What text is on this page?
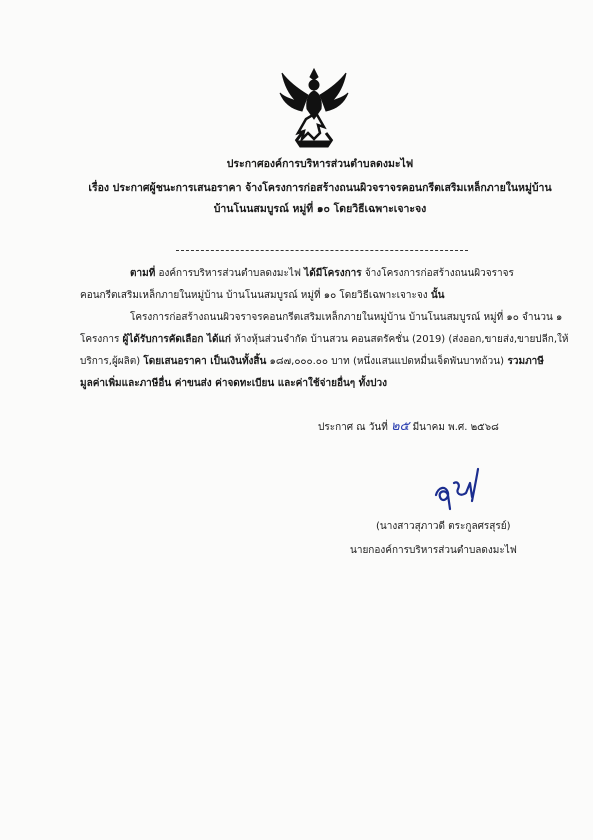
ประกาศองค์การบริหารส่วนตำบลดงมะไฟ
เรื่อง ประกาศผู้ชนะการเสนอราคา จ้างโครงการก่อสร้างถนนผิวจราจรคอนกรีตเสริมเหล็กภายในหมู่บ้าน
บ้านโนนสมบูรณ์ หมู่ที่ ๑๐ โดยวิธีเฉพาะเจาะจง
ตามที่ องค์การบริหารส่วนตำบลดงมะไฟ ได้มีโครงการ จ้างโครงการก่อสร้างถนนผิวจราจร
คอนกรีตเสริมเหล็กภายในหมู่บ้าน บ้านโนนสมบูรณ์ หมู่ที่ ๑๐ โดยวิธีเฉพาะเจาะจง นั้น
โครงการก่อสร้างถนนผิวจราจรคอนกรีตเสริมเหล็กภายในหมู่บ้าน บ้านโนนสมบูรณ์ หมู่ที่ ๑๐ จำนวน ๑
โครงการ ผู้ได้รับการคัดเลือก ได้แก่ ห้างหุ้นส่วนจำกัด บ้านสวน คอนสตรัคชั่น (2019) (ส่งออก,ขายส่ง,ขายปลีก,ให้
บริการ,ผู้ผลิต) โดยเสนอราคา เป็นเงินทั้งสิ้น ๑๘๗,๐๐๐.๐๐ บาท (หนึ่งแสนแปดหมื่นเจ็ดพันบาทถ้วน) รวมภาษี
มูลค่าเพิ่มและภาษีอื่น ค่าขนส่ง ค่าจดทะเบียน และค่าใช้จ่ายอื่นๆ ทั้งปวง
ประกาศ ณ วันที่ ๒๕ มีนาคม พ.ศ. ๒๕๖๘
(นางสาวสุภาวดี ตระกูลศรสุรย์)
นายกองค์การบริหารส่วนตำบลดงมะไฟ
